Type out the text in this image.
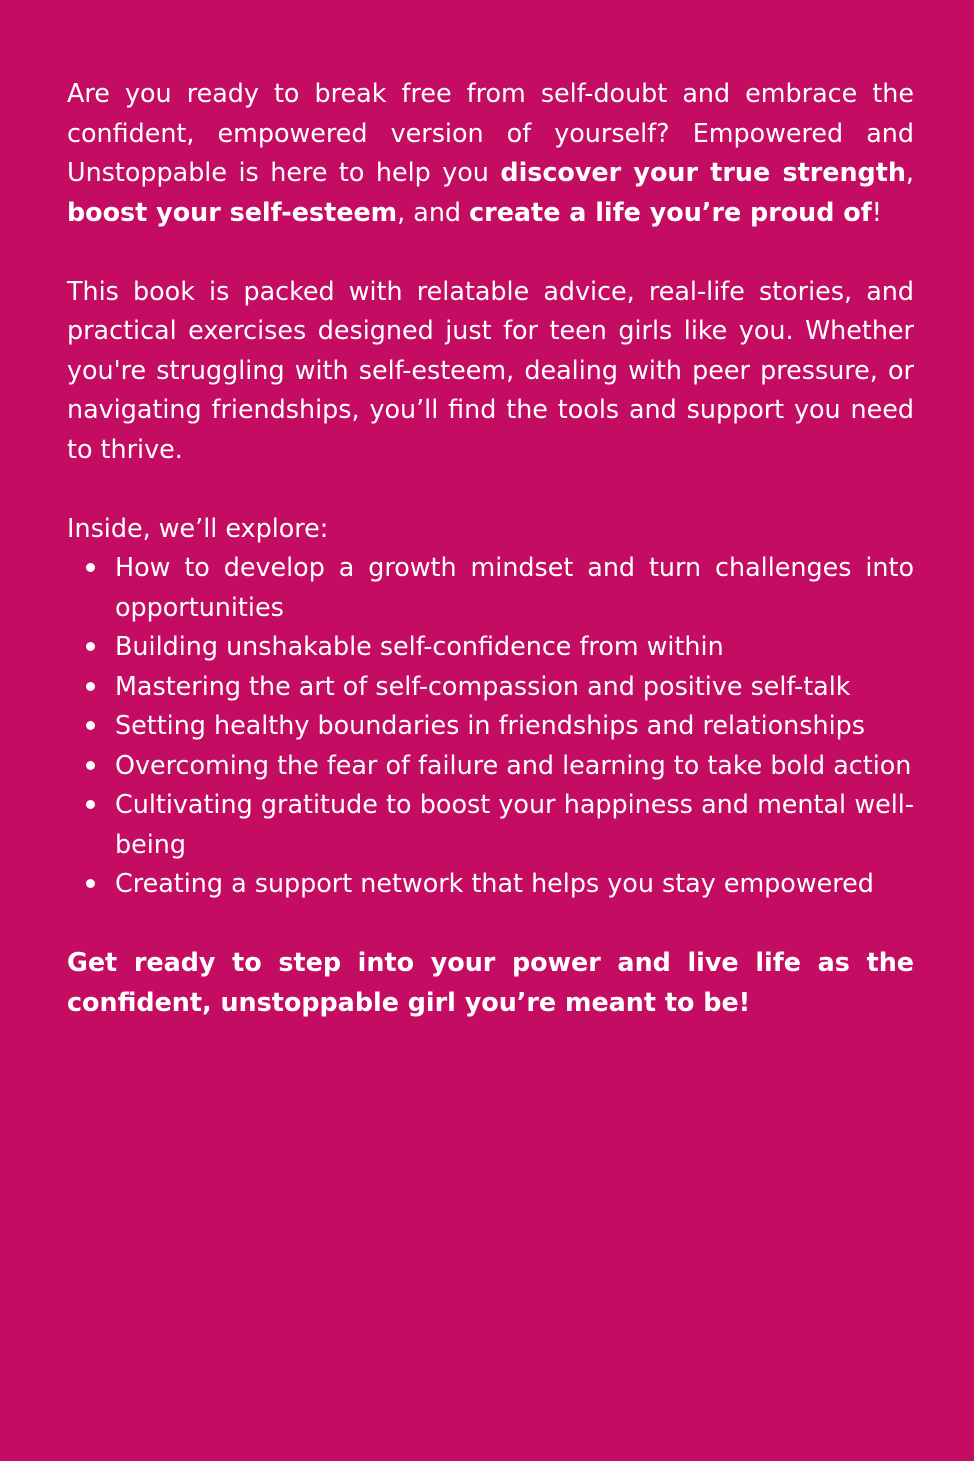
Are you ready to break free from self-doubt and embrace the confident, empowered version of yourself? Empowered and Unstoppable is here to help you discover your true strength, boost your self-esteem, and create a life you’re proud of!

This book is packed with relatable advice, real-life stories, and practical exercises designed just for teen girls like you. Whether you're struggling with self-esteem, dealing with peer pressure, or navigating friendships, you’ll find the tools and support you need to thrive.

Inside, we’ll explore:
How to develop a growth mindset and turn challenges into opportunities
Building unshakable self-confidence from within
Mastering the art of self-compassion and positive self-talk
Setting healthy boundaries in friendships and relationships
Overcoming the fear of failure and learning to take bold action
Cultivating gratitude to boost your happiness and mental well-being
Creating a support network that helps you stay empowered

Get ready to step into your power and live life as the confident, unstoppable girl you’re meant to be!
